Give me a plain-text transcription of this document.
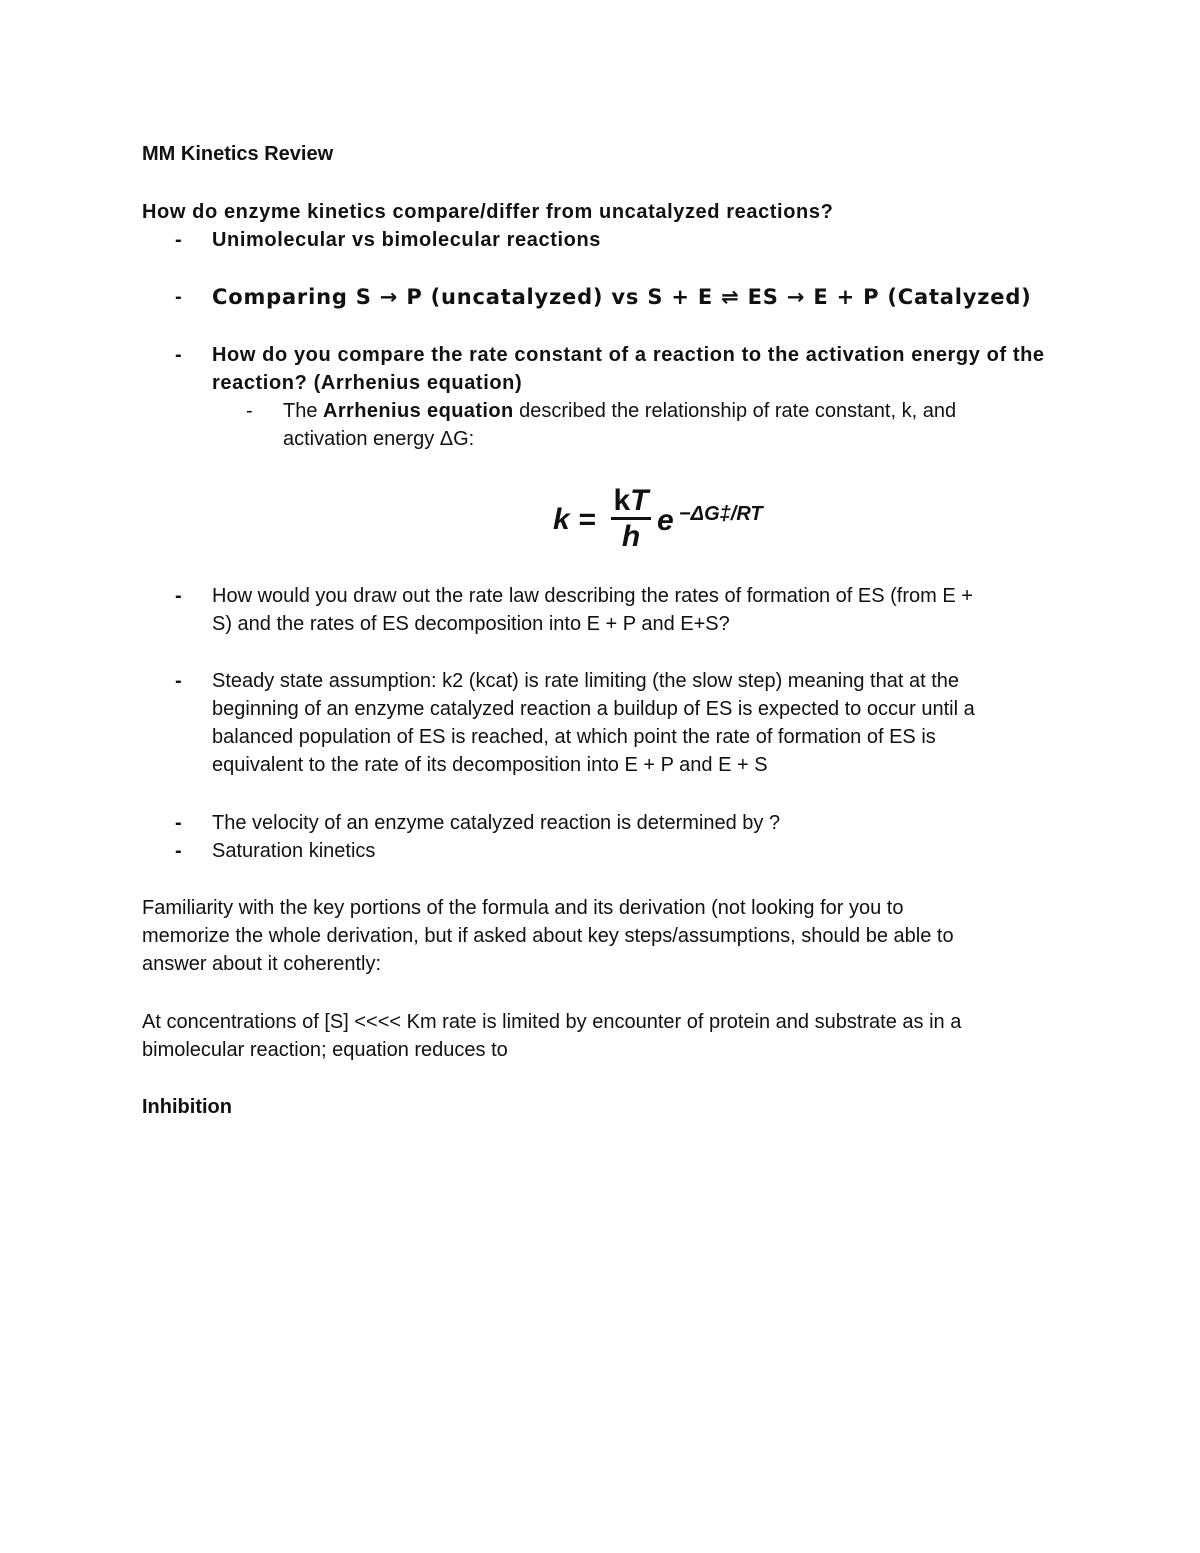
MM Kinetics Review
How do enzyme kinetics compare/differ from uncatalyzed reactions?
- Unimolecular vs bimolecular reactions
- Comparing S → P (uncatalyzed) vs S + E ⇌ ES → E + P (Catalyzed)
- How do you compare the rate constant of a reaction to the activation energy of the
reaction? (Arrhenius equation)
- The Arrhenius equation described the relationship of rate constant, k, and
activation energy ΔG:
k =
kT
h e −ΔG‡/RT
- How would you draw out the rate law describing the rates of formation of ES (from E +
S) and the rates of ES decomposition into E + P and E+S?
- Steady state assumption: k2 (kcat) is rate limiting (the slow step) meaning that at the
beginning of an enzyme catalyzed reaction a buildup of ES is expected to occur until a
balanced population of ES is reached, at which point the rate of formation of ES is
equivalent to the rate of its decomposition into E + P and E + S
- The velocity of an enzyme catalyzed reaction is determined by ?
- Saturation kinetics
Familiarity with the key portions of the formula and its derivation (not looking for you to
memorize the whole derivation, but if asked about key steps/assumptions, should be able to
answer about it coherently:
At concentrations of [S] <<<< Km rate is limited by encounter of protein and substrate as in a
bimolecular reaction; equation reduces to
Inhibition
